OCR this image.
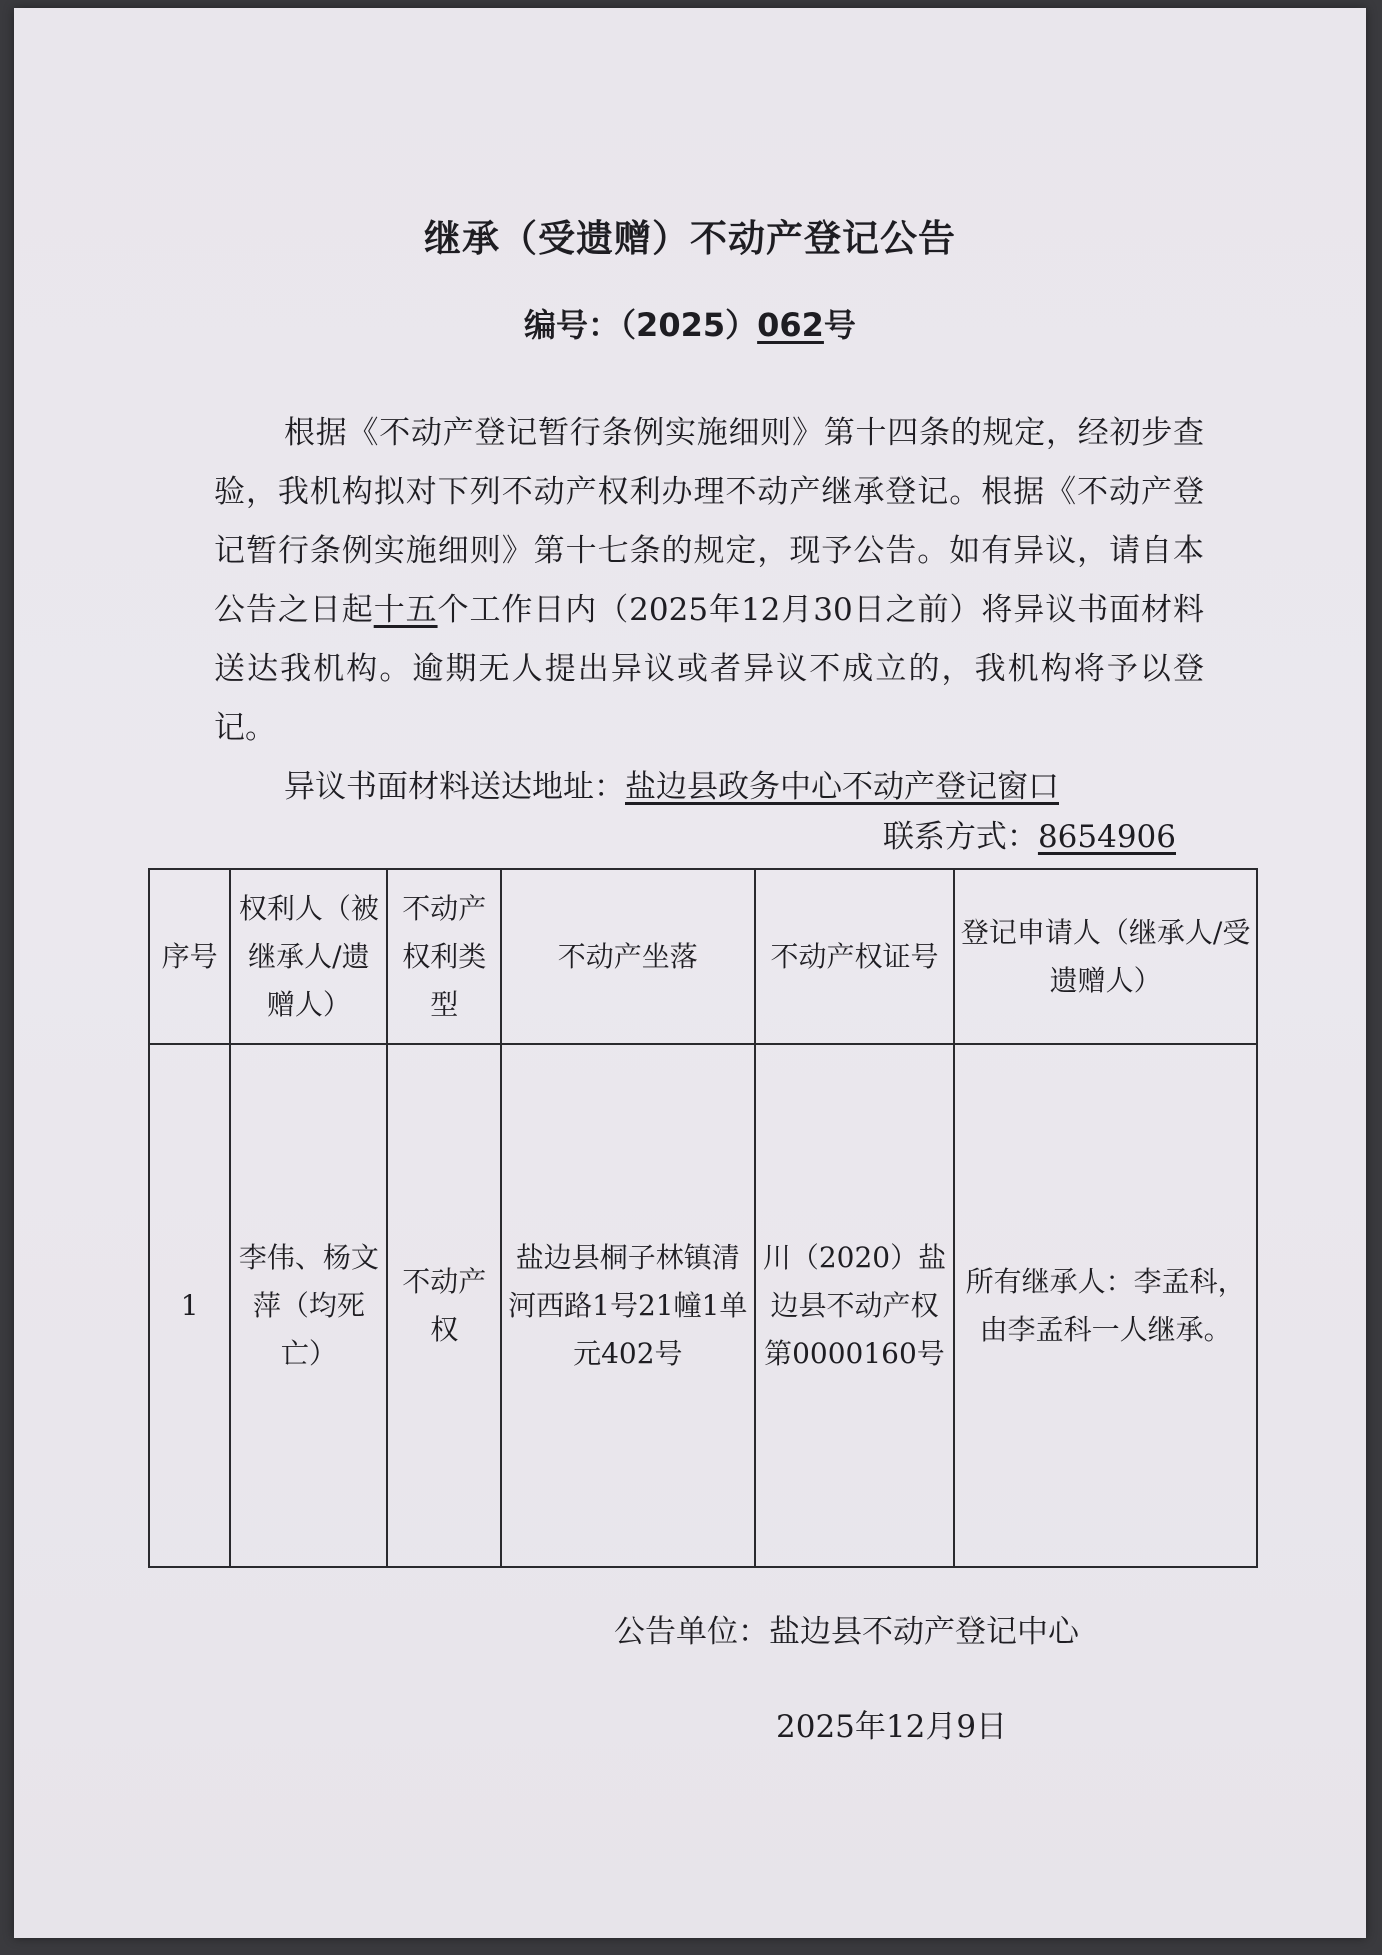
继承（受遗赠）不动产登记公告
编号：（2025）062号
根据《不动产登记暂行条例实施细则》第十四条的规定，经初步查验，我机构拟对下列不动产权利办理不动产继承登记。根据《不动产登记暂行条例实施细则》第十七条的规定，现予公告。如有异议，请自本公告之日起十五个工作日内（2025年12月30日之前）将异议书面材料送达我机构。逾期无人提出异议或者异议不成立的，我机构将予以登记。
异议书面材料送达地址：盐边县政务中心不动产登记窗口
联系方式：8654906
序号	权利人（被继承人/遗赠人）	不动产权利类型	不动产坐落	不动产权证号	登记申请人（继承人/受遗赠人）
1	李伟、杨文萍（均死亡）	不动产权	盐边县桐子林镇清河西路1号21幢1单元402号	川（2020）盐边县不动产权第0000160号	所有继承人：李孟科，由李孟科一人继承。
公告单位：盐边县不动产登记中心
2025年12月9日
